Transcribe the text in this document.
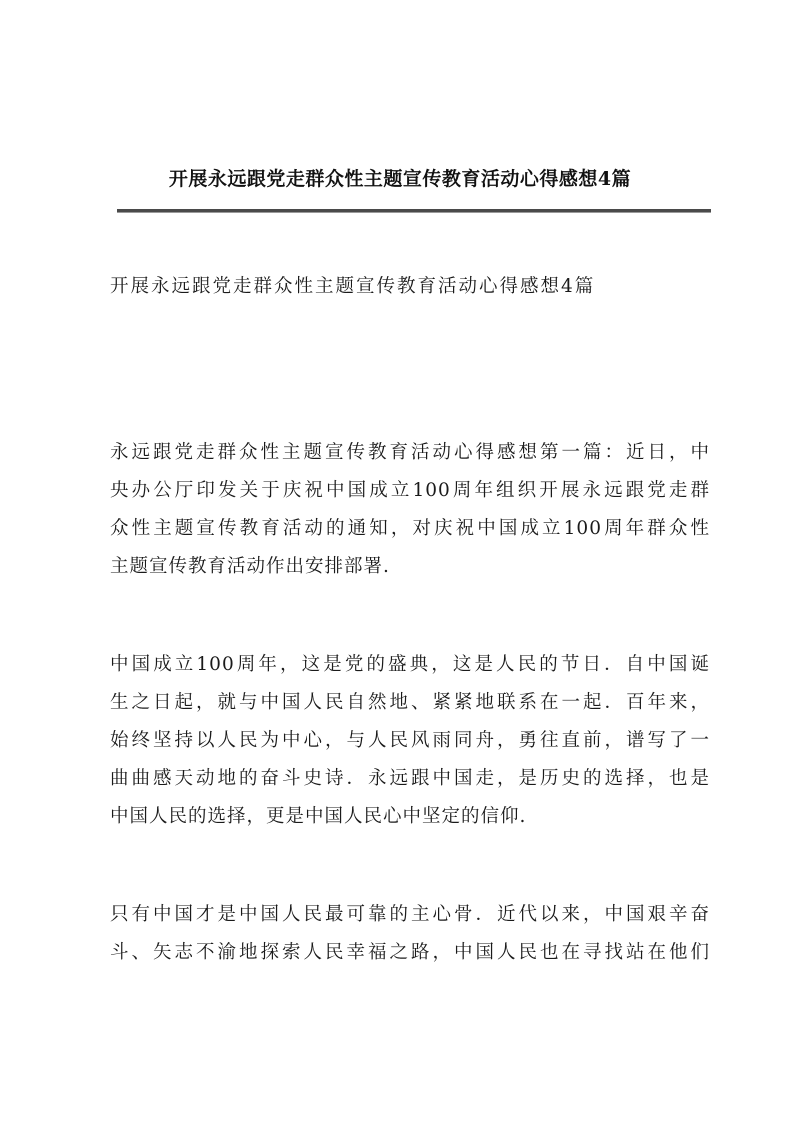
开展永远跟党走群众性主题宣传教育活动心得感想4篇
开展永远跟党走群众性主题宣传教育活动心得感想4篇
永远跟党走群众性主题宣传教育活动心得感想第一篇：近日，中
央办公厅印发关于庆祝中国成立100周年组织开展永远跟党走群
众性主题宣传教育活动的通知，对庆祝中国成立100周年群众性
主题宣传教育活动作出安排部署.
中国成立100周年，这是党的盛典，这是人民的节日．自中国诞
生之日起，就与中国人民自然地、紧紧地联系在一起．百年来，
始终坚持以人民为中心，与人民风雨同舟，勇往直前，谱写了一
曲曲感天动地的奋斗史诗．永远跟中国走，是历史的选择，也是
中国人民的选择，更是中国人民心中坚定的信仰.
只有中国才是中国人民最可靠的主心骨．近代以来，中国艰辛奋
斗、矢志不渝地探索人民幸福之路，中国人民也在寻找站在他们
